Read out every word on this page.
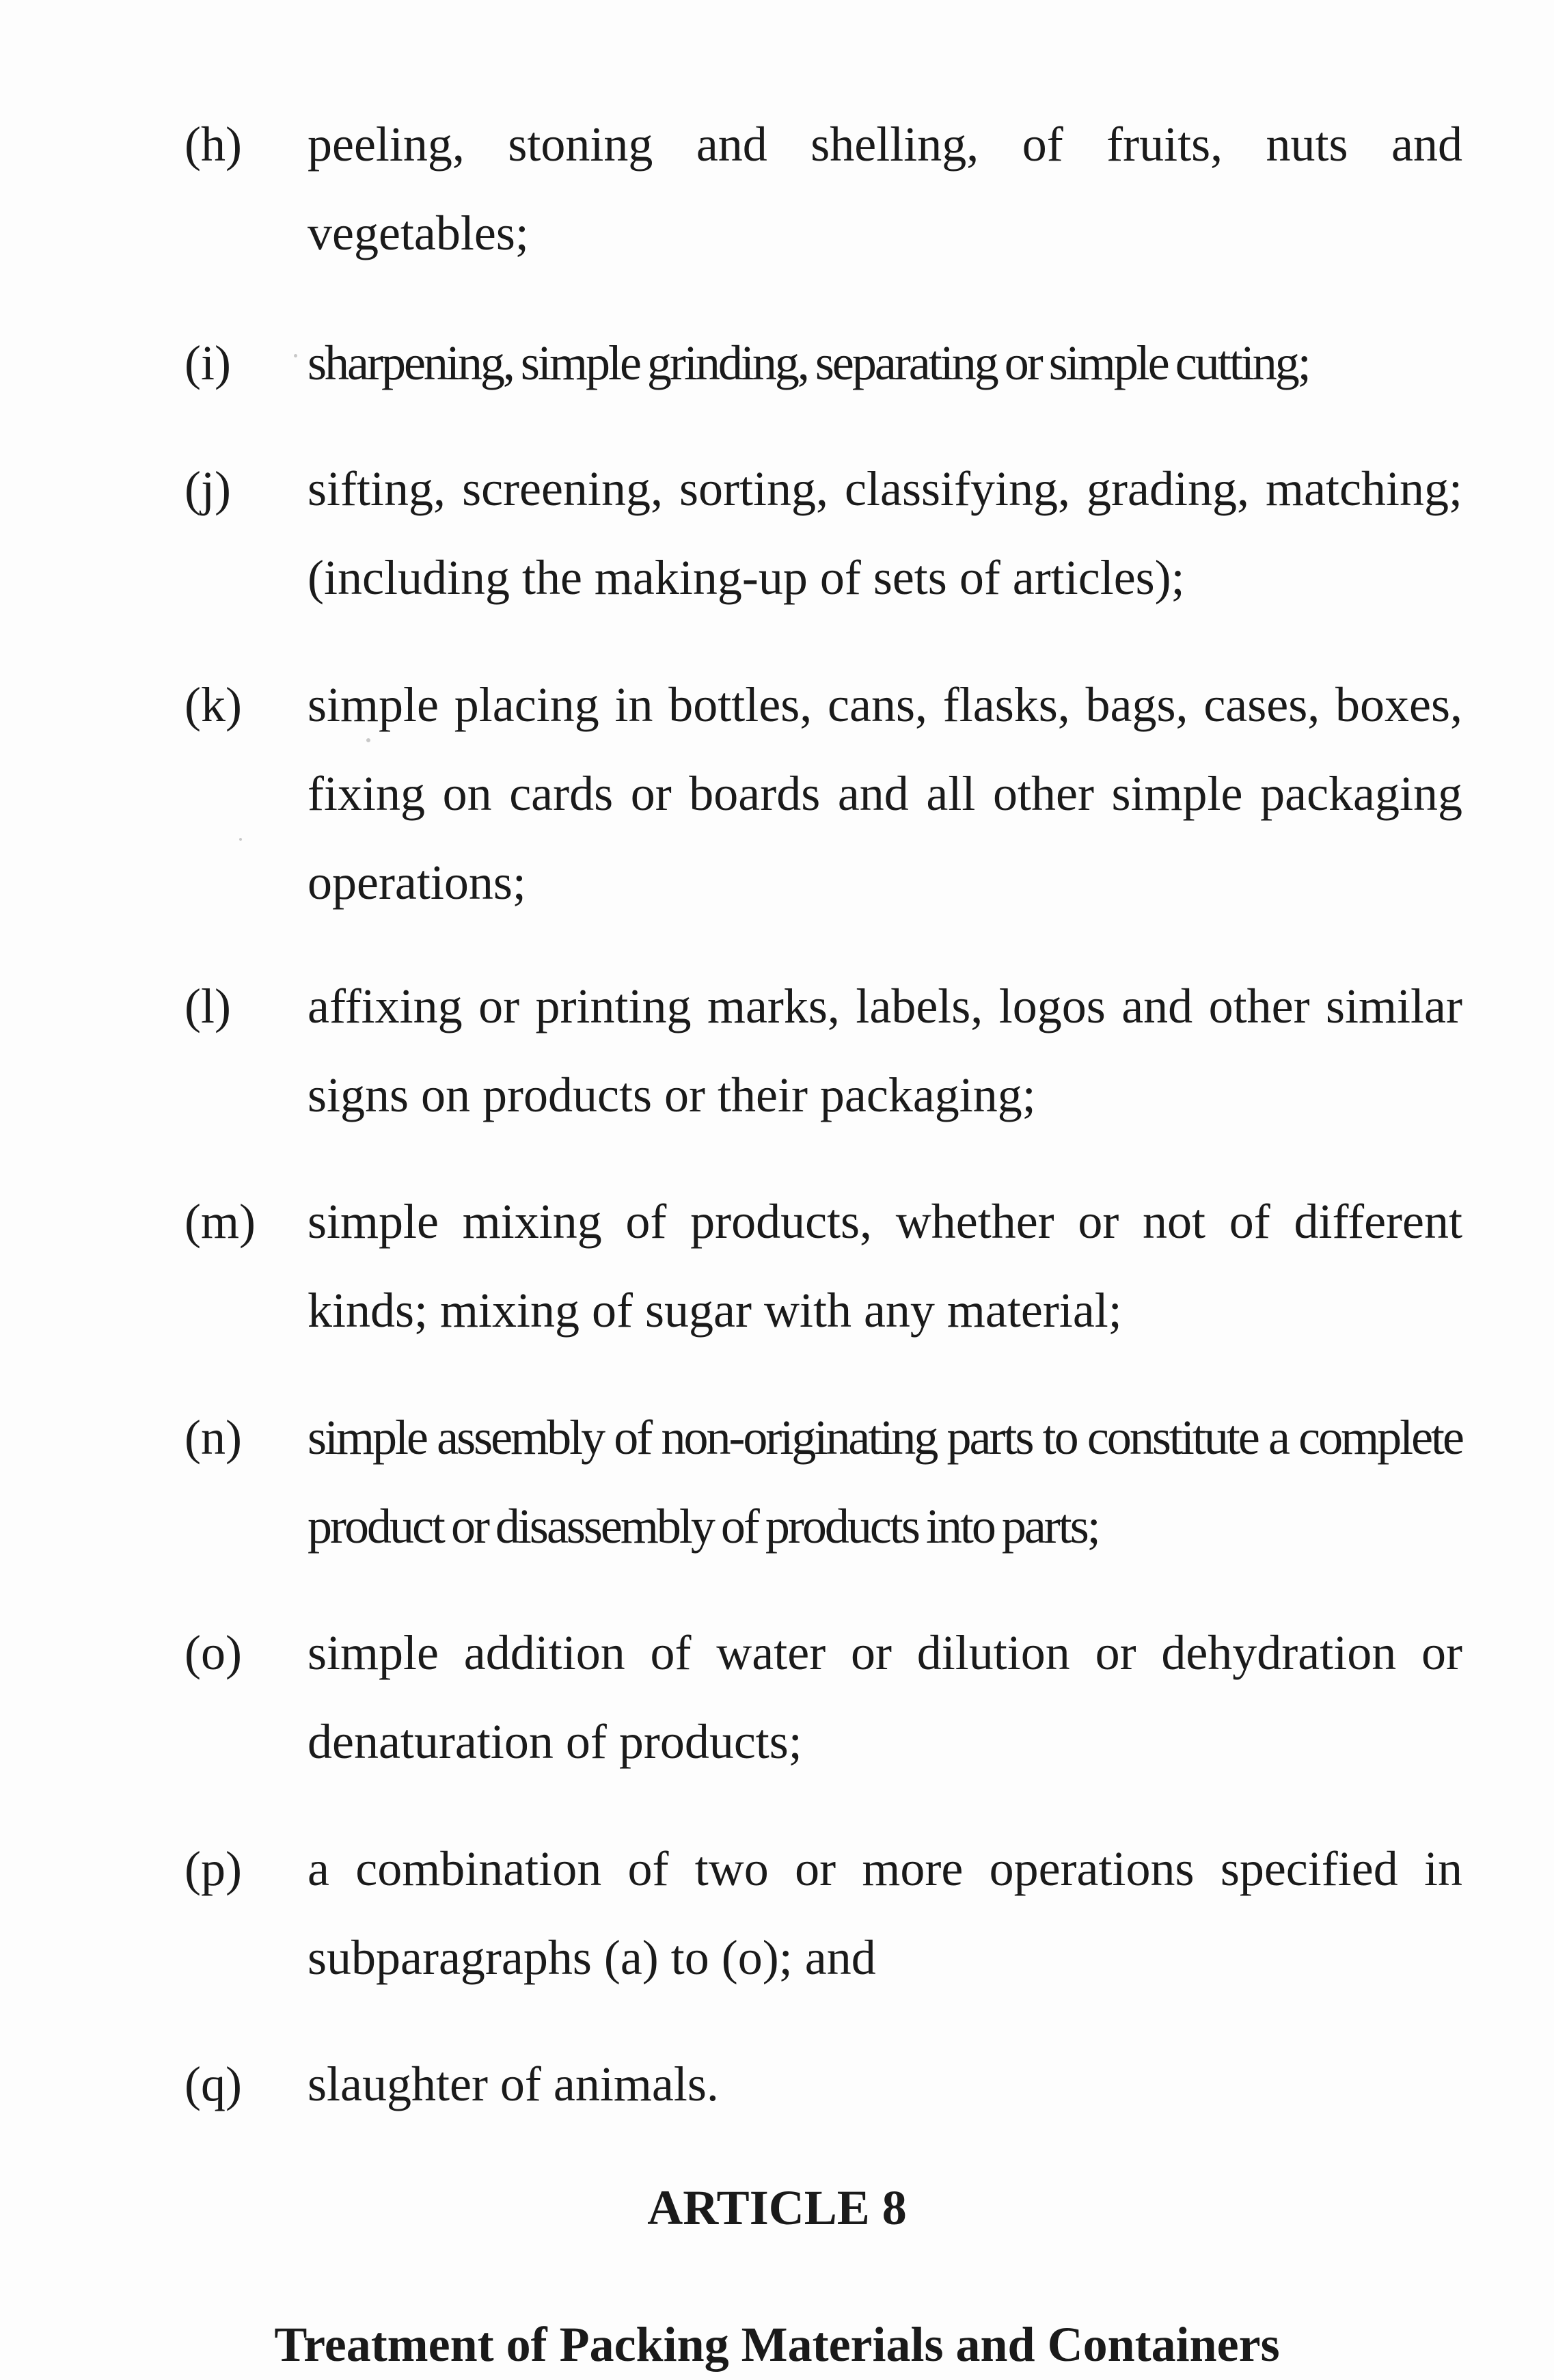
(h) peeling, stoning and shelling, of fruits, nuts and vegetables;
(i) sharpening, simple grinding, separating or simple cutting;
(j) sifting, screening, sorting, classifying, grading, matching; (including the making-up of sets of articles);
(k) simple placing in bottles, cans, flasks, bags, cases, boxes, fixing on cards or boards and all other simple packaging operations;
(l) affixing or printing marks, labels, logos and other similar signs on products or their packaging;
(m) simple mixing of products, whether or not of different kinds; mixing of sugar with any material;
(n) simple assembly of non-originating parts to constitute a complete product or disassembly of products into parts;
(o) simple addition of water or dilution or dehydration or denaturation of products;
(p) a combination of two or more operations specified in subparagraphs (a) to (o); and
(q) slaughter of animals.
ARTICLE 8
Treatment of Packing Materials and Containers
